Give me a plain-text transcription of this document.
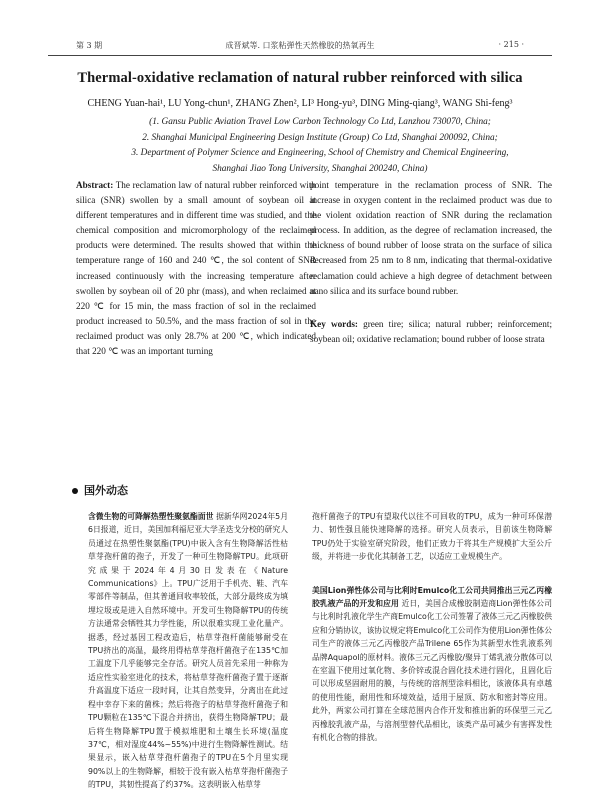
第 3 期	成晋斌等. 口浆粘弹性天然橡胶的热氧再生	· 215 ·
Thermal-oxidative reclamation of natural rubber reinforced with silica
CHENG Yuan-hai¹, LU Yong-chun¹, ZHANG Zhen², LI³ Hong-yu³, DING Ming-qiang³, WANG Shi-feng³
(1. Gansu Public Aviation Travel Low Carbon Technology Co Ltd, Lanzhou 730070, China;
2. Shanghai Municipal Engineering Design Institute (Group) Co Ltd, Shanghai 200092, China;
3. Department of Polymer Science and Engineering, School of Chemistry and Chemical Engineering,
Shanghai Jiao Tong University, Shanghai 200240, China)
Abstract: The reclamation law of natural rubber reinforced with silica (SNR) swollen by a small amount of soybean oil at different temperatures and in different time was studied, and the chemical composition and micromorphology of the reclaimed products were determined. The results showed that within the temperature range of 160 and 240 ℃, the sol content of SNR increased continuously with the increasing temperature after swollen by soybean oil of 20 phr (mass), and when reclaimed at 220 ℃ for 15 min, the mass fraction of sol in the reclaimed product increased to 50.5%, and the mass fraction of sol in the reclaimed product was only 28.7% at 200 ℃, which indicated that 220 ℃ was an important turning
point temperature in the reclamation process of SNR. The increase in oxygen content in the reclaimed product was due to the violent oxidation reaction of SNR during the reclamation process. In addition, as the degree of reclamation increased, the thickness of bound rubber of loose strata on the surface of silica decreased from 25 nm to 8 nm, indicating that thermal-oxidative reclamation could achieve a high degree of detachment between nano silica and its surface bound rubber.
Key words: green tire; silica; natural rubber; reinforcement; soybean oil; oxidative reclamation; bound rubber of loose strata
国外动态
含微生物的可降解热塑性聚氨酯面世 据新华网2024年5月6日报道，近日，美国加利福尼亚大学圣迭戈分校的研究人员通过在热塑性聚氨酯(TPU)中嵌入含有生物降解活性枯草芽孢杆菌的孢子，开发了一种可生物降解TPU。此项研究成果于2024年4月30日发表在《Nature Communications》上。TPU广泛用于手机壳、鞋、汽车零部件等制品，但其普通回收率较低，大部分最终成为填埋垃圾或是进入自然环境中。开发可生物降解TPU的传统方法通常会牺牲其力学性能，所以很难实现工业化量产。据悉，经过基因工程改造后，枯草芽孢杆菌能够耐受在TPU挤出的高温，最终用得枯草芽孢杆菌孢子在135℃加工温度下几乎能够完全存活。研究人员首先采用一种称为适应性实验室进化的技术，将枯草芽孢杆菌孢子置于逐渐升高温度下适应一段时间，让其自然变异，分离出在此过程中幸存下来的菌株；然后将孢子的枯草芽孢杆菌孢子和TPU颗粒在135℃下混合并挤出，获得生物降解TPU；最后将生物降解TPU置于模拟堆肥和土壤生长环境(温度37℃，相对湿度44%~55%)中进行生物降解性测试。结果显示，嵌入枯草芽孢杆菌孢子的TPU在5个月里实现90%以上的生物降解，相较于没有嵌入枯草芽孢杆菌孢子的TPU，其韧性提高了约37%。这表明嵌入枯草芽
孢杆菌孢子的TPU有望取代以往不可回收的TPU，成为一种可环保潜力、韧性强且能快速降解的选择。研究人员表示，目前该生物降解TPU仍处于实验室研究阶段，他们正致力于将其生产规模扩大至公斤级，并将进一步优化其制备工艺，以适应工业规模生产。
美国Lion弹性体公司与比利时Emulco化工公司共同推出三元乙丙橡胶乳液产品的开发和应用 近日，美国合成橡胶制造商Lion弹性体公司与比利时乳液化学生产商Emulco化工公司签署了液体三元乙丙橡胶供应和分销协议，该协议规定将Emulco化工公司作为使用Lion弹性体公司生产的液体三元乙丙橡胶产品Trilene 65作为其新型水性乳液系列品牌Aquapol的原材料。液体三元乙丙橡胶/聚异丁烯乳液分散体可以在室温下使用过氧化物、多价锌或混合固化技术进行固化，且固化后可以形成坚固耐用的膜，与传统的溶剂型涂料相比，该液体具有卓越的使用性能，耐用性和环境效益，适用于屋顶、防水和密封等应用。此外，两家公司打算在全球范围内合作开发和推出新的环保型三元乙丙橡胶乳液产品，与溶剂型替代品相比，该类产品可减少有害挥发性有机化合物的排放。
